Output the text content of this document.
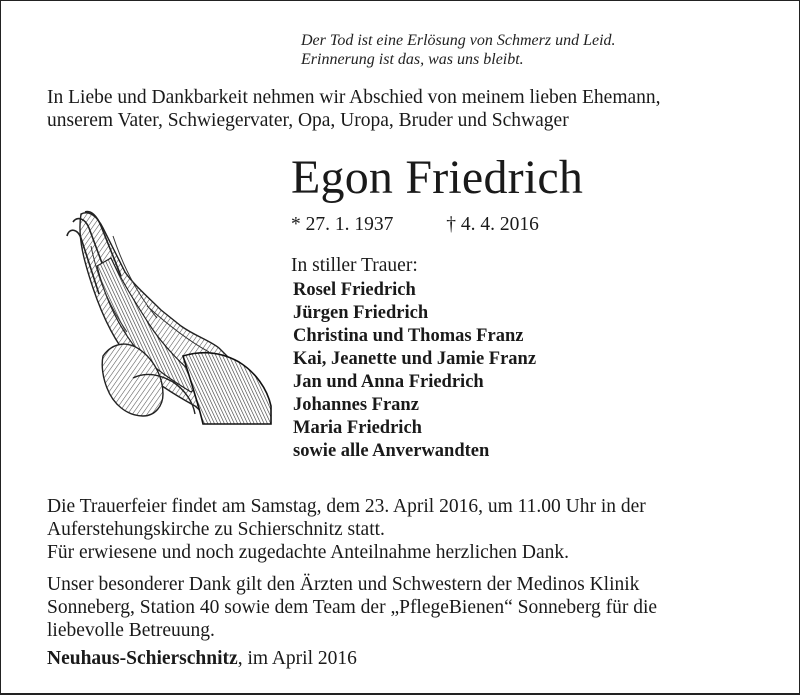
Der Tod ist eine Erlösung von Schmerz und Leid.
Erinnerung ist das, was uns bleibt.
In Liebe und Dankbarkeit nehmen wir Abschied von meinem lieben Ehemann,
unserem Vater, Schwiegervater, Opa, Uropa, Bruder und Schwager
Egon Friedrich
* 27. 1. 1937	† 4. 4. 2016
In stiller Trauer:
Rosel Friedrich
Jürgen Friedrich
Christina und Thomas Franz
Kai, Jeanette und Jamie Franz
Jan und Anna Friedrich
Johannes Franz
Maria Friedrich
sowie alle Anverwandten
Die Trauerfeier findet am Samstag, dem 23. April 2016, um 11.00 Uhr in der
Auferstehungskirche zu Schierschnitz statt.
Für erwiesene und noch zugedachte Anteilnahme herzlichen Dank.
Unser besonderer Dank gilt den Ärzten und Schwestern der Medinos Klinik
Sonneberg, Station 40 sowie dem Team der „PflegeBienen“ Sonneberg für die
liebevolle Betreuung.
Neuhaus-Schierschnitz, im April 2016
